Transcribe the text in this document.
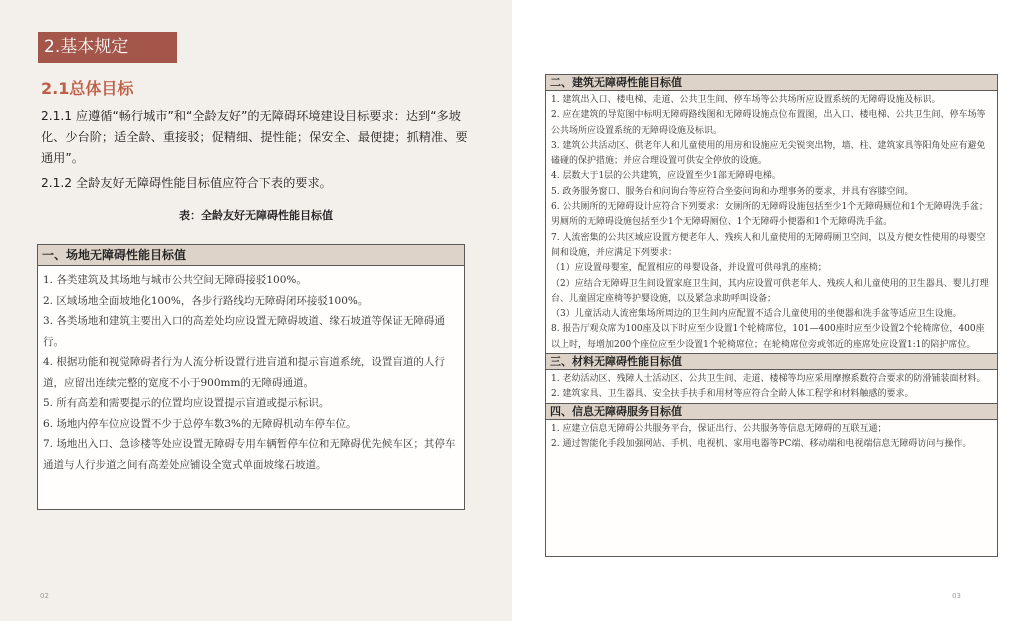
2.基本规定
2.1总体目标

2.1.1 应遵循“畅行城市”和“全龄友好”的无障碍环境建设目标要求：达到“多坡化、少台阶；适全龄、重接驳；促精细、提性能；保安全、最便捷；抓精准、要通用”。

2.1.2 全龄友好无障碍性能目标值应符合下表的要求。

表：全龄友好无障碍性能目标值
一、场地无障碍性能目标值

1. 各类建筑及其场地与城市公共空间无障碍接驳100%。

2. 区域场地全面坡地化100%，各步行路线均无障碍闭环接驳100%。

3. 各类场地和建筑主要出入口的高差处均应设置无障碍坡道、缘石坡道等保证无障碍通行。

4. 根据功能和视觉障碍者行为人流分析设置行进盲道和提示盲道系统，设置盲道的人行道，应留出连续完整的宽度不小于900mm的无障碍通道。

5. 所有高差和需要提示的位置均应设置提示盲道或提示标识。

6. 场地内停车位应设置不少于总停车数3%的无障碍机动车停车位。

7. 场地出入口、急诊楼等处应设置无障碍专用车辆暂停车位和无障碍优先候车区；其停车通道与人行步道之间有高差处应铺设全宽式单面坡缘石坡道。

02
二、建筑无障碍性能目标值

1. 建筑出入口、楼电梯、走道、公共卫生间、停车场等公共场所应设置系统的无障碍设施及标识。

2. 应在建筑的导览图中标明无障碍路线图和无障碍设施点位布置图，出入口、楼电梯、公共卫生间、停车场等公共场所应设置系统的无障碍设施及标识。

3. 建筑公共活动区、供老年人和儿童使用的用房和设施应无尖锐突出物，墙、柱、建筑家具等阳角处应有避免磕碰的保护措施；并应合理设置可供安全停放的设施。

4. 层数大于1层的公共建筑，应设置至少1部无障碍电梯。

5. 政务服务窗口、服务台和问询台等应符合坐姿问询和办理事务的要求，并具有容膝空间。

6. 公共厕所的无障碍设计应符合下列要求：女厕所的无障碍设施包括至少1个无障碍厕位和1个无障碍洗手盆；男厕所的无障碍设施包括至少1个无障碍厕位、1个无障碍小便器和1个无障碍洗手盆。

7. 人流密集的公共区域应设置方便老年人、残疾人和儿童使用的无障碍厕卫空间，以及方便女性使用的母婴空间和设施，并应满足下列要求：

（1）应设置母婴室，配置相应的母婴设备，并设置可供母乳的座椅；

（2）应结合无障碍卫生间设置家庭卫生间，其内应设置可供老年人、残疾人和儿童使用的卫生器具、婴儿打理台、儿童固定座椅等护婴设施，以及紧急求助呼叫设备；

（3）儿童活动人流密集场所周边的卫生间内应配置不适合儿童使用的坐便器和洗手盆等适应卫生设施。

8. 报告厅观众席为100座及以下时应至少设置1个轮椅席位，101—400座时应至少设置2个轮椅席位，400座以上时，每增加200个座位应至少设置1个轮椅席位；在轮椅席位旁或邻近的座席处应设置1:1的陪护席位。

三、材料无障碍性能目标值

1. 老幼活动区、残障人士活动区、公共卫生间、走道、楼梯等均应采用摩擦系数符合要求的防滑铺装面材料。

2. 建筑家具、卫生器具、安全扶手扶手和用材等应符合全龄人体工程学和材料触感的要求。

四、信息无障碍服务目标值

1. 应建立信息无障碍公共服务平台，保证出行、公共服务等信息无障碍的互联互通；

2. 通过智能化手段加强网站、手机、电视机、家用电器等PC端、移动端和电视端信息无障碍访问与操作。

03
